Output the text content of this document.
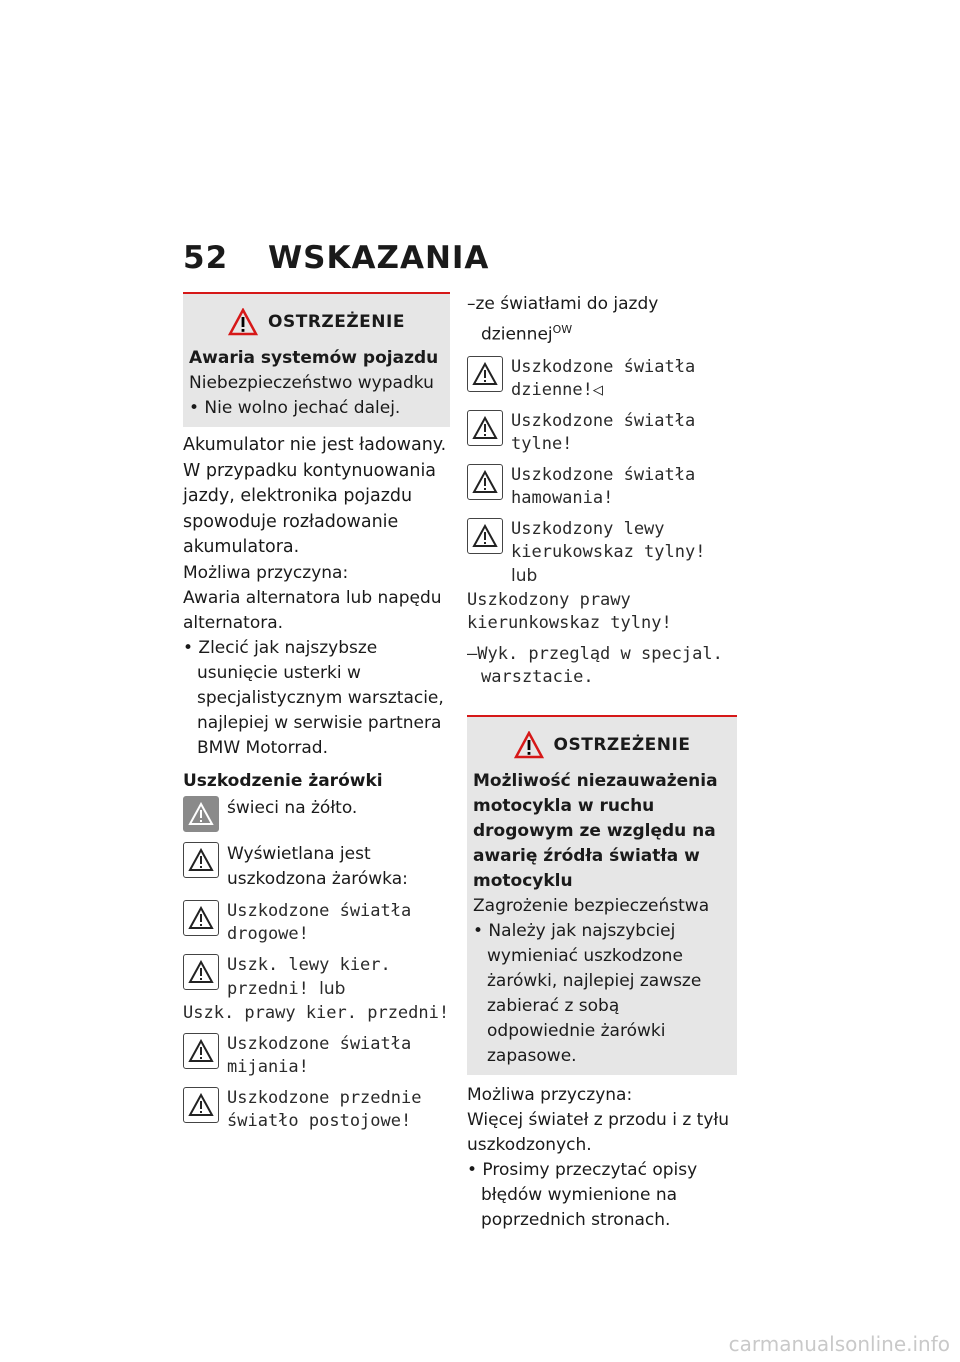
52 WSKAZANIA
OSTRZEŻENIE

Awaria systemów pojazdu

Niebezpieczeństwo wypadku

• Nie wolno jechać dalej.

Akumulator nie jest ładowany. W przypadku kontynuowania jazdy, elektronika pojazdu spowoduje rozładowanie akumulatora.

Możliwa przyczyna:

Awaria alternatora lub napędu alternatora.

• Zlecić jak najszybsze usunięcie usterki w specjalistycznym warsztacie, najlepiej w serwisie partnera BMW Motorrad.

Uszkodzenie żarówki

świeci na żółto.

Wyświetlana jest uszkodzona żarówka:

Uszkodzone światła drogowe!

Uszk. lewy kier. przedni! lub

Uszk. prawy kier. przedni!

Uszkodzone światła mijania!

Uszkodzone przednie światło postojowe!

–ze światłami do jazdy dziennej$^{OW}$

Uszkodzone światła dzienne!◁

Uszkodzone światła tylne!

Uszkodzone światła hamowania!

Uszkodzony lewy kierukowskaz tylny! lub

Uszkodzony prawy kierunkowskaz tylny!

–Wyk. przegląd w specjal. warsztacie.

OSTRZEŻENIE

Możliwość niezauważenia motocykla w ruchu drogowym ze względu na awarię źródła światła w motocyklu

Zagrożenie bezpieczeństwa

• Należy jak najszybciej wymieniać uszkodzone żarówki, najlepiej zawsze zabierać z sobą odpowiednie żarówki zapasowe.

Możliwa przyczyna:

Więcej świateł z przodu i z tyłu uszkodzonych.

• Prosimy przeczytać opisy błędów wymienione na poprzednich stronach.

carmanualsonline.info
